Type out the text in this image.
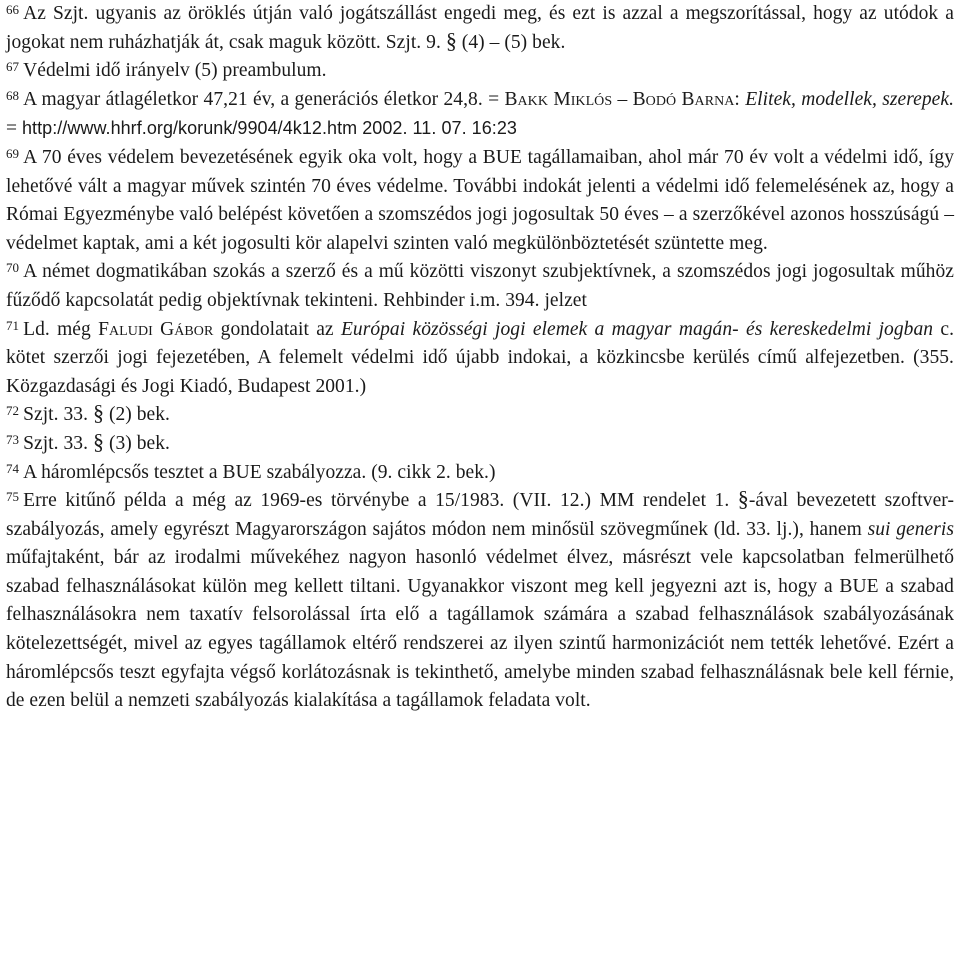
$^{66}$ Az Szjt. ugyanis az öröklés útján való jogátszállást engedi meg, és ezt is azzal a megszorítással, hogy az utódok a jogokat nem ruházhatják át, csak maguk között. Szjt. 9. § (4) – (5) bek.

$^{67}$ Védelmi idő irányelv (5) preambulum.

$^{68}$ A magyar átlagéletkor 47,21 év, a generációs életkor 24,8. = Bakk Miklós – Bodó Barna: Elitek, modellek, szerepek. = http://www.hhrf.org/korunk/9904/4k12.htm 2002. 11. 07. 16:23

$^{69}$ A 70 éves védelem bevezetésének egyik oka volt, hogy a BUE tagállamaiban, ahol már 70 év volt a védelmi idő, így lehetővé vált a magyar művek szintén 70 éves védelme. További indokát jelenti a védelmi idő felemelésének az, hogy a Római Egyezménybe való belépést követően a szomszédos jogi jogosultak 50 éves – a szerzőkével azonos hosszúságú – védelmet kaptak, ami a két jogosulti kör alapelvi szinten való megkülönböztetését szüntette meg.

$^{70}$ A német dogmatikában szokás a szerző és a mű közötti viszonyt szubjektívnek, a szomszédos jogi jogosultak műhöz fűződő kapcsolatát pedig objektívnak tekinteni. Rehbinder i.m. 394. jelzet

$^{71}$ Ld. még Faludi Gábor gondolatait az Európai közösségi jogi elemek a magyar magán- és kereskedelmi jogban c. kötet szerzői jogi fejezetében, A felemelt védelmi idő újabb indokai, a közkincsbe kerülés című alfejezetben. (355. Közgazdasági és Jogi Kiadó, Budapest 2001.)

$^{72}$ Szjt. 33. § (2) bek.

$^{73}$ Szjt. 33. § (3) bek.

$^{74}$ A háromlépcsős tesztet a BUE szabályozza. (9. cikk 2. bek.)

$^{75}$ Erre kitűnő példa a még az 1969-es törvénybe a 15/1983. (VII. 12.) MM rendelet 1. §-ával bevezetett szoftver-szabályozás, amely egyrészt Magyarországon sajátos módon nem minősül szövegműnek (ld. 33. lj.), hanem sui generis műfajtaként, bár az irodalmi művekéhez nagyon hasonló védelmet élvez, másrészt vele kapcsolatban felmerülhető szabad felhasználásokat külön meg kellett tiltani. Ugyanakkor viszont meg kell jegyezni azt is, hogy a BUE a szabad felhasználásokra nem taxatív felsorolással írta elő a tagállamok számára a szabad felhasználások szabályozásának kötelezettségét, mivel az egyes tagállamok eltérő rendszerei az ilyen szintű harmonizációt nem tették lehetővé. Ezért a háromlépcsős teszt egyfajta végső korlátozásnak is tekinthető, amelybe minden szabad felhasználásnak bele kell férnie, de ezen belül a nemzeti szabályozás kialakítása a tagállamok feladata volt.
